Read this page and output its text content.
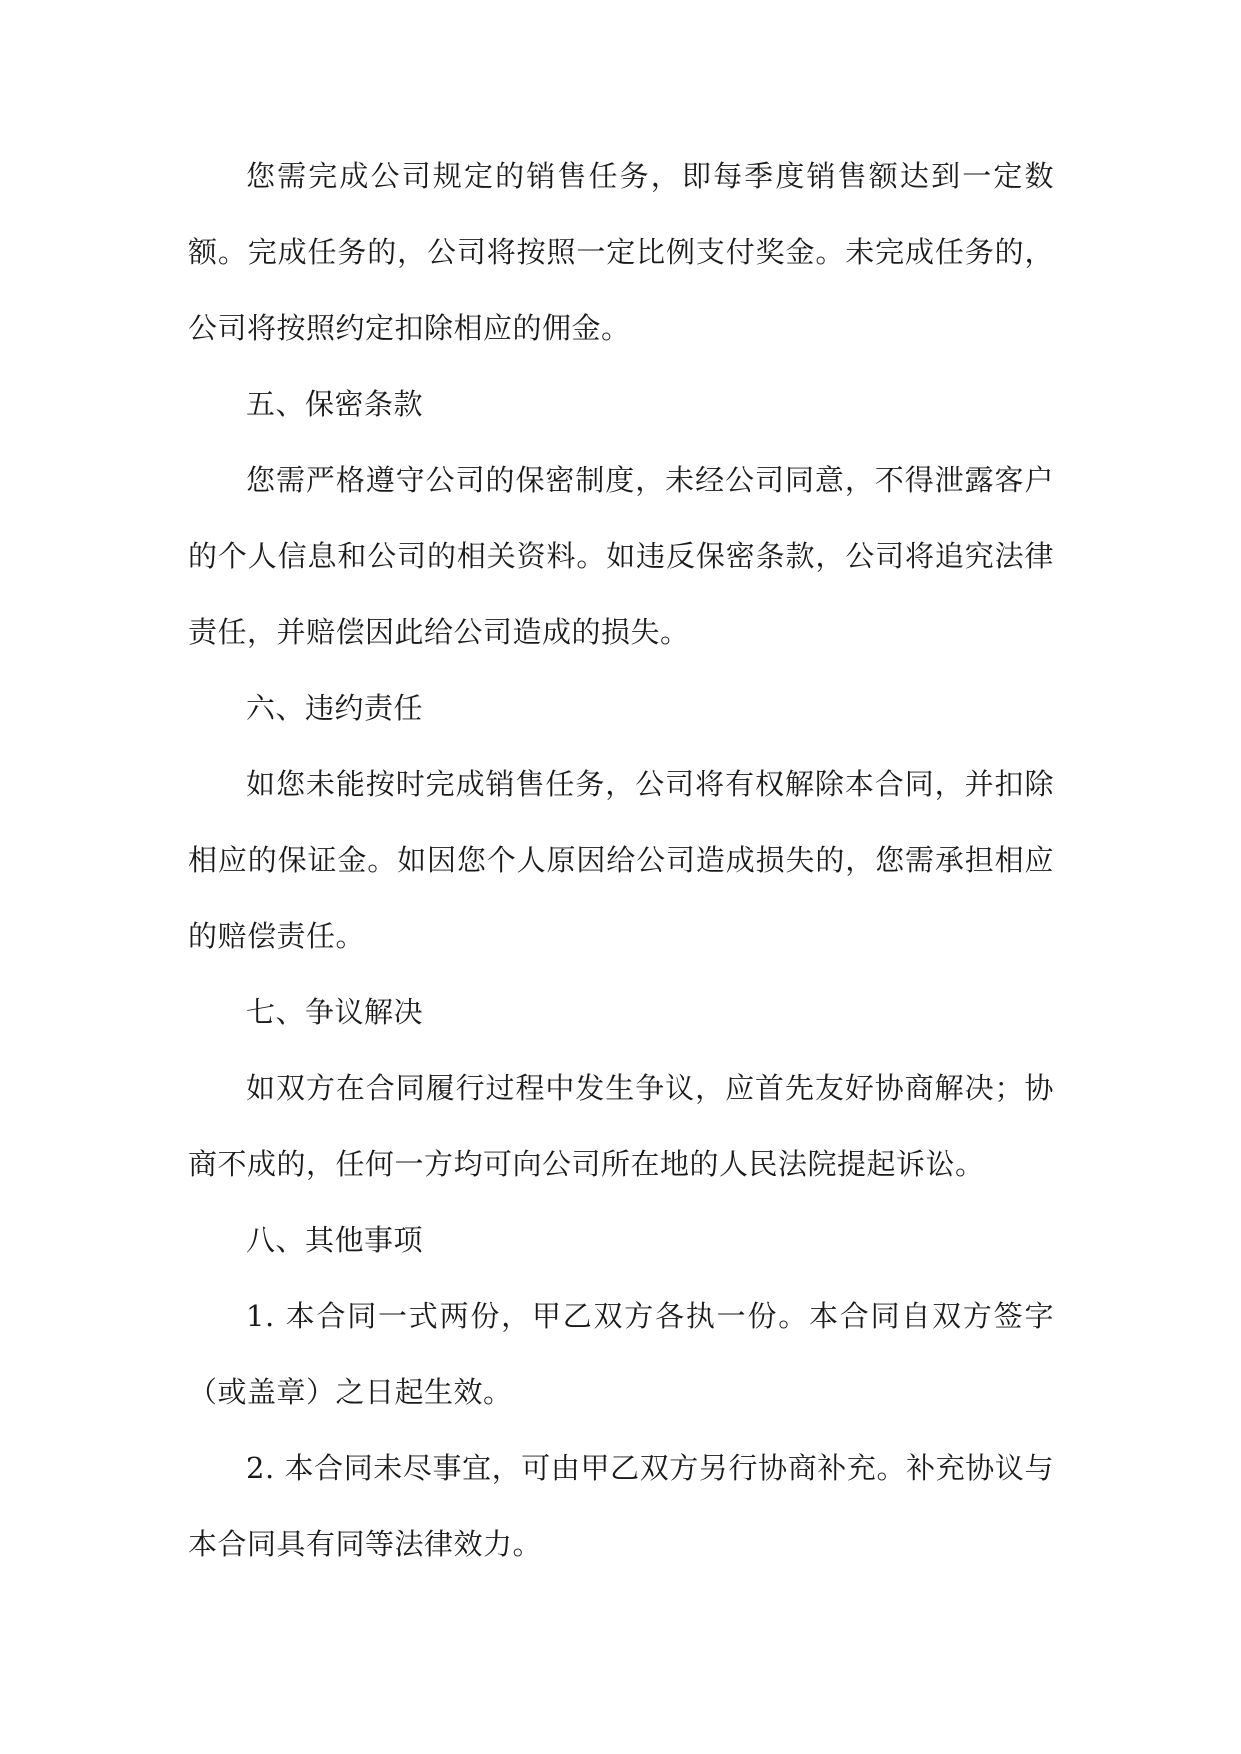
您需完成公司规定的销售任务，即每季度销售额达到一定数额。完成任务的，公司将按照一定比例支付奖金。未完成任务的，公司将按照约定扣除相应的佣金。

五、保密条款

您需严格遵守公司的保密制度，未经公司同意，不得泄露客户的个人信息和公司的相关资料。如违反保密条款，公司将追究法律责任，并赔偿因此给公司造成的损失。

六、违约责任

如您未能按时完成销售任务，公司将有权解除本合同，并扣除相应的保证金。如因您个人原因给公司造成损失的，您需承担相应的赔偿责任。

七、争议解决

如双方在合同履行过程中发生争议，应首先友好协商解决；协商不成的，任何一方均可向公司所在地的人民法院提起诉讼。

八、其他事项

1. 本合同一式两份，甲乙双方各执一份。本合同自双方签字（或盖章）之日起生效。

2. 本合同未尽事宜，可由甲乙双方另行协商补充。补充协议与本合同具有同等法律效力。
